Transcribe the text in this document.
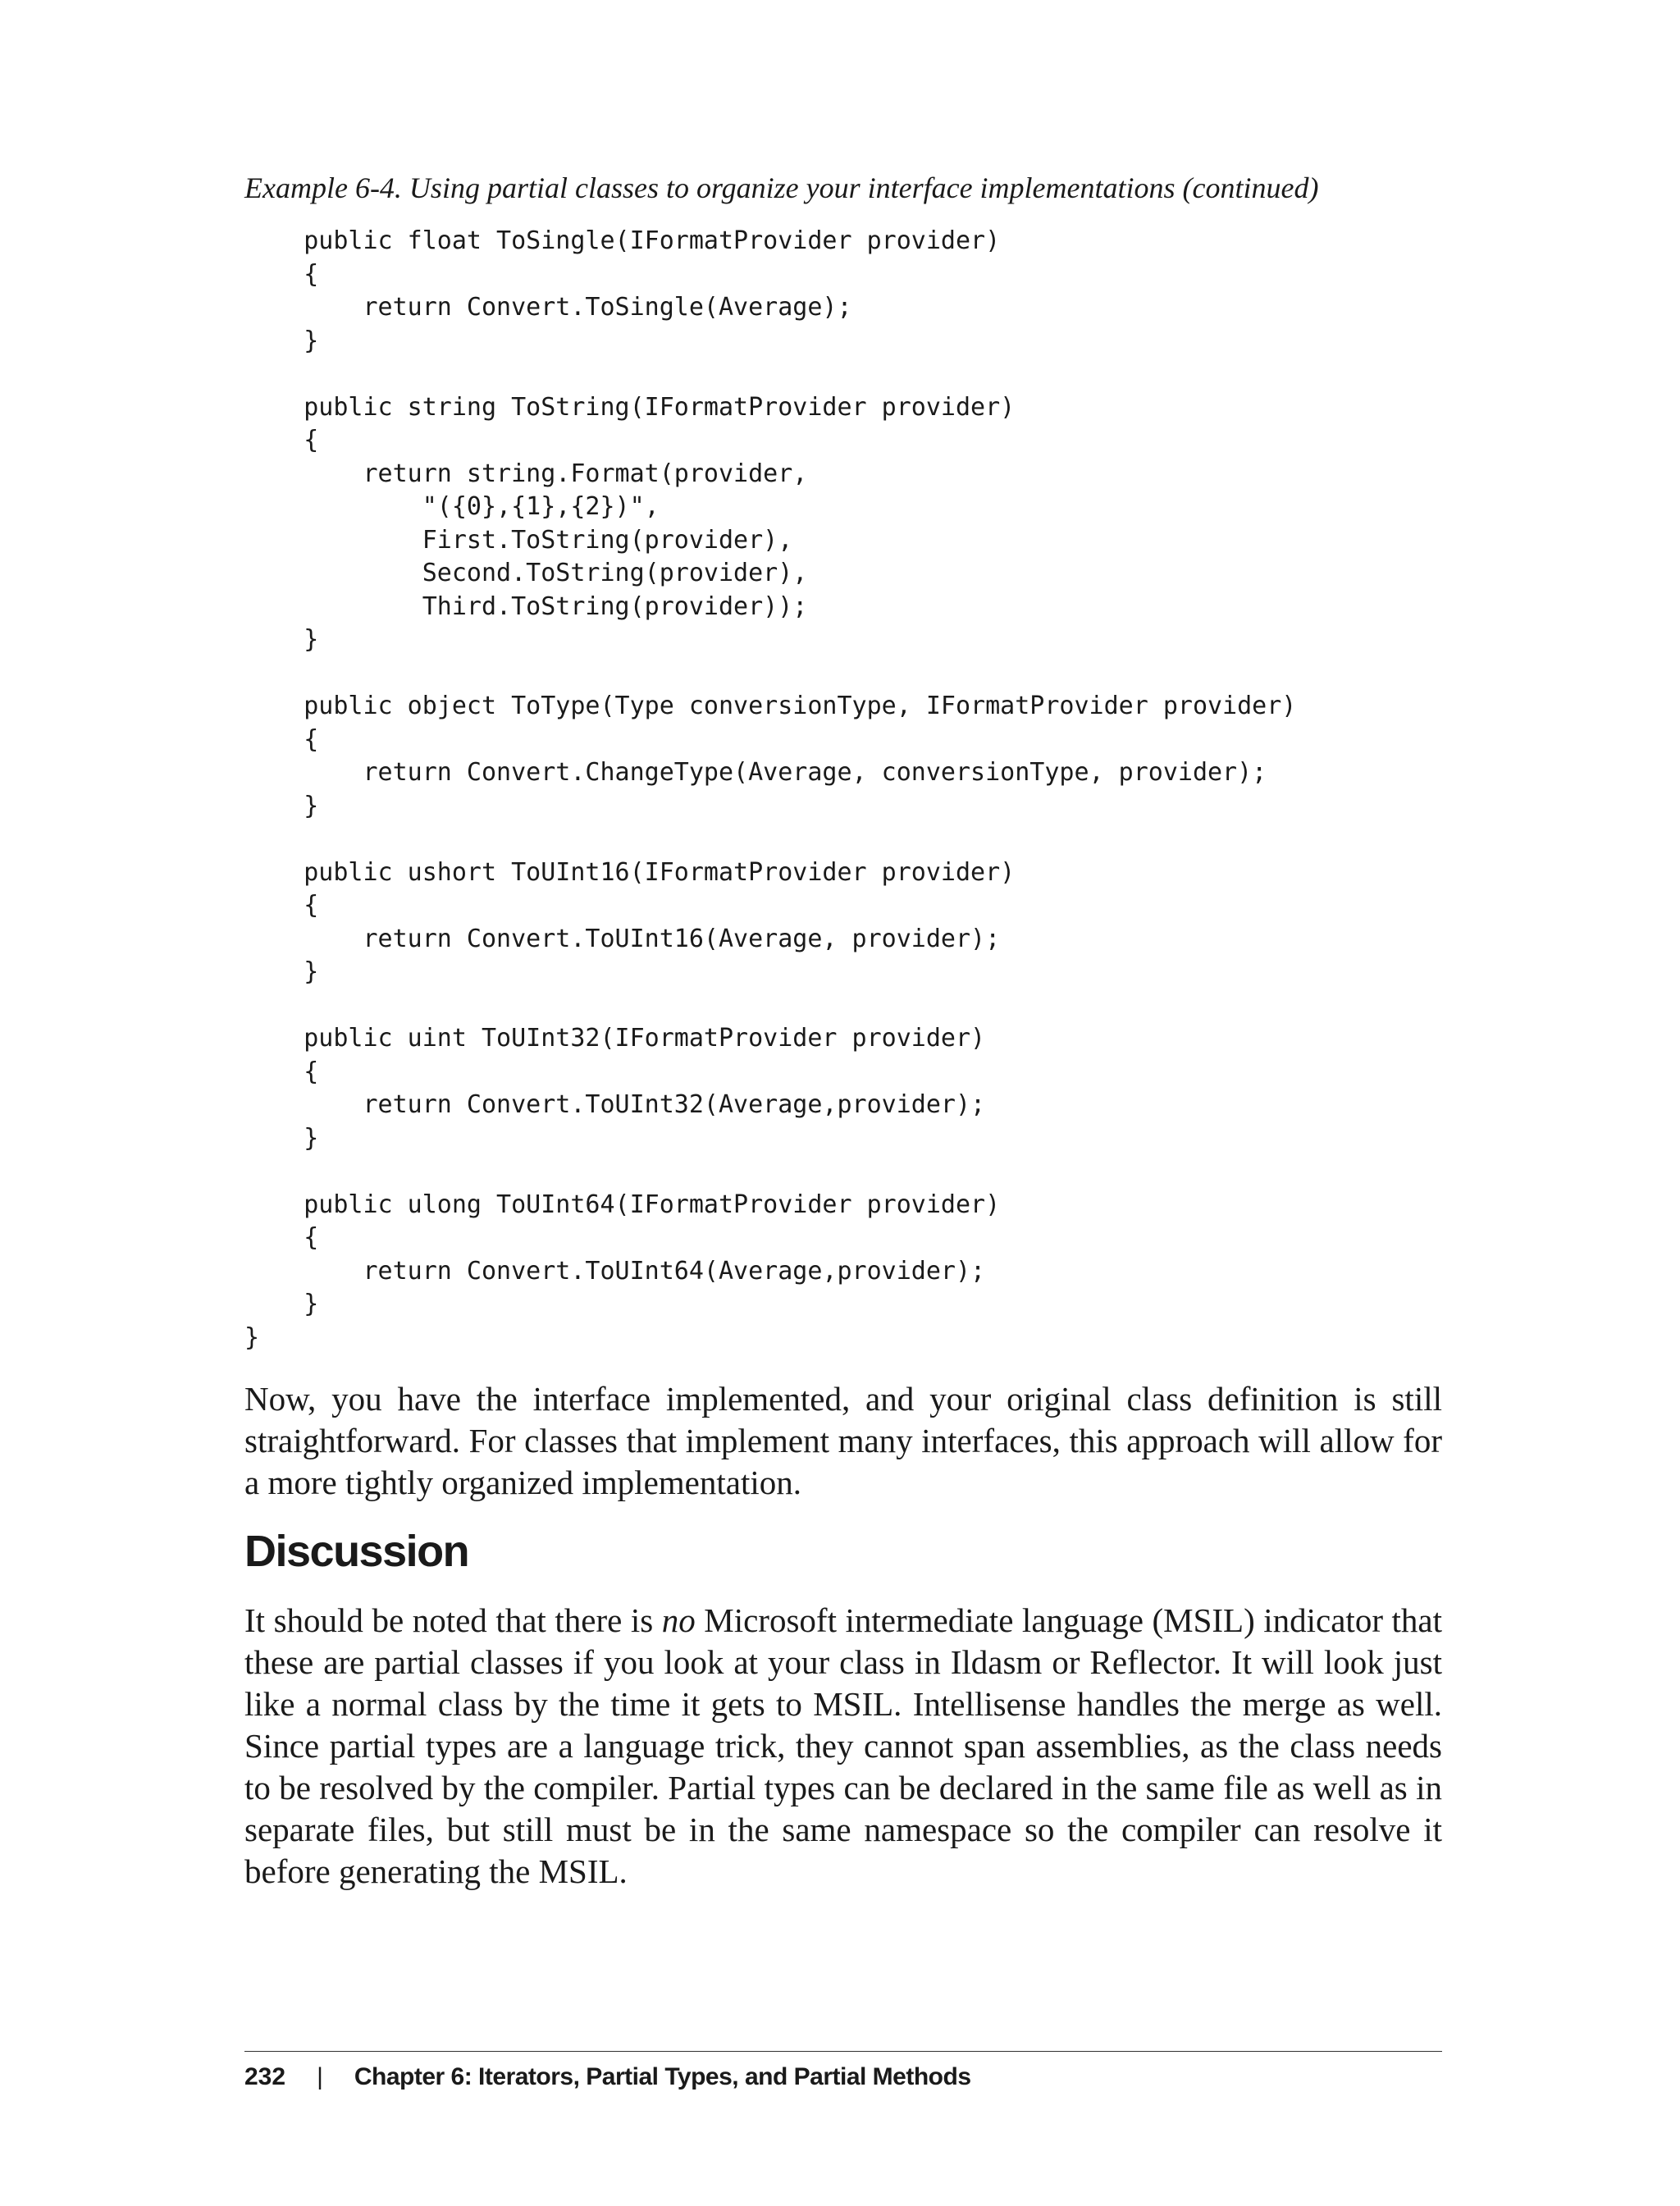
Example 6-4. Using partial classes to organize your interface implementations (continued)
public float ToSingle(IFormatProvider provider)
{
return Convert.ToSingle(Average);
}
public string ToString(IFormatProvider provider)
{
return string.Format(provider,
"({0},{1},{2})",
First.ToString(provider),
Second.ToString(provider),
Third.ToString(provider));
}
public object ToType(Type conversionType, IFormatProvider provider)
{
return Convert.ChangeType(Average, conversionType, provider);
}
public ushort ToUInt16(IFormatProvider provider)
{
return Convert.ToUInt16(Average, provider);
}
public uint ToUInt32(IFormatProvider provider)
{
return Convert.ToUInt32(Average,provider);
}
public ulong ToUInt64(IFormatProvider provider)
{
return Convert.ToUInt64(Average,provider);
}
}

Now, you have the interface implemented, and your original class definition is still straightforward. For classes that implement many interfaces, this approach will allow for a more tightly organized implementation.

Discussion

It should be noted that there is no Microsoft intermediate language (MSIL) indicator that these are partial classes if you look at your class in Ildasm or Reflector. It will look just like a normal class by the time it gets to MSIL. Intellisense handles the merge as well. Since partial types are a language trick, they cannot span assemblies, as the class needs to be resolved by the compiler. Partial types can be declared in the same file as well as in separate files, but still must be in the same namespace so the compiler can resolve it before generating the MSIL.

232 | Chapter 6: Iterators, Partial Types, and Partial Methods
